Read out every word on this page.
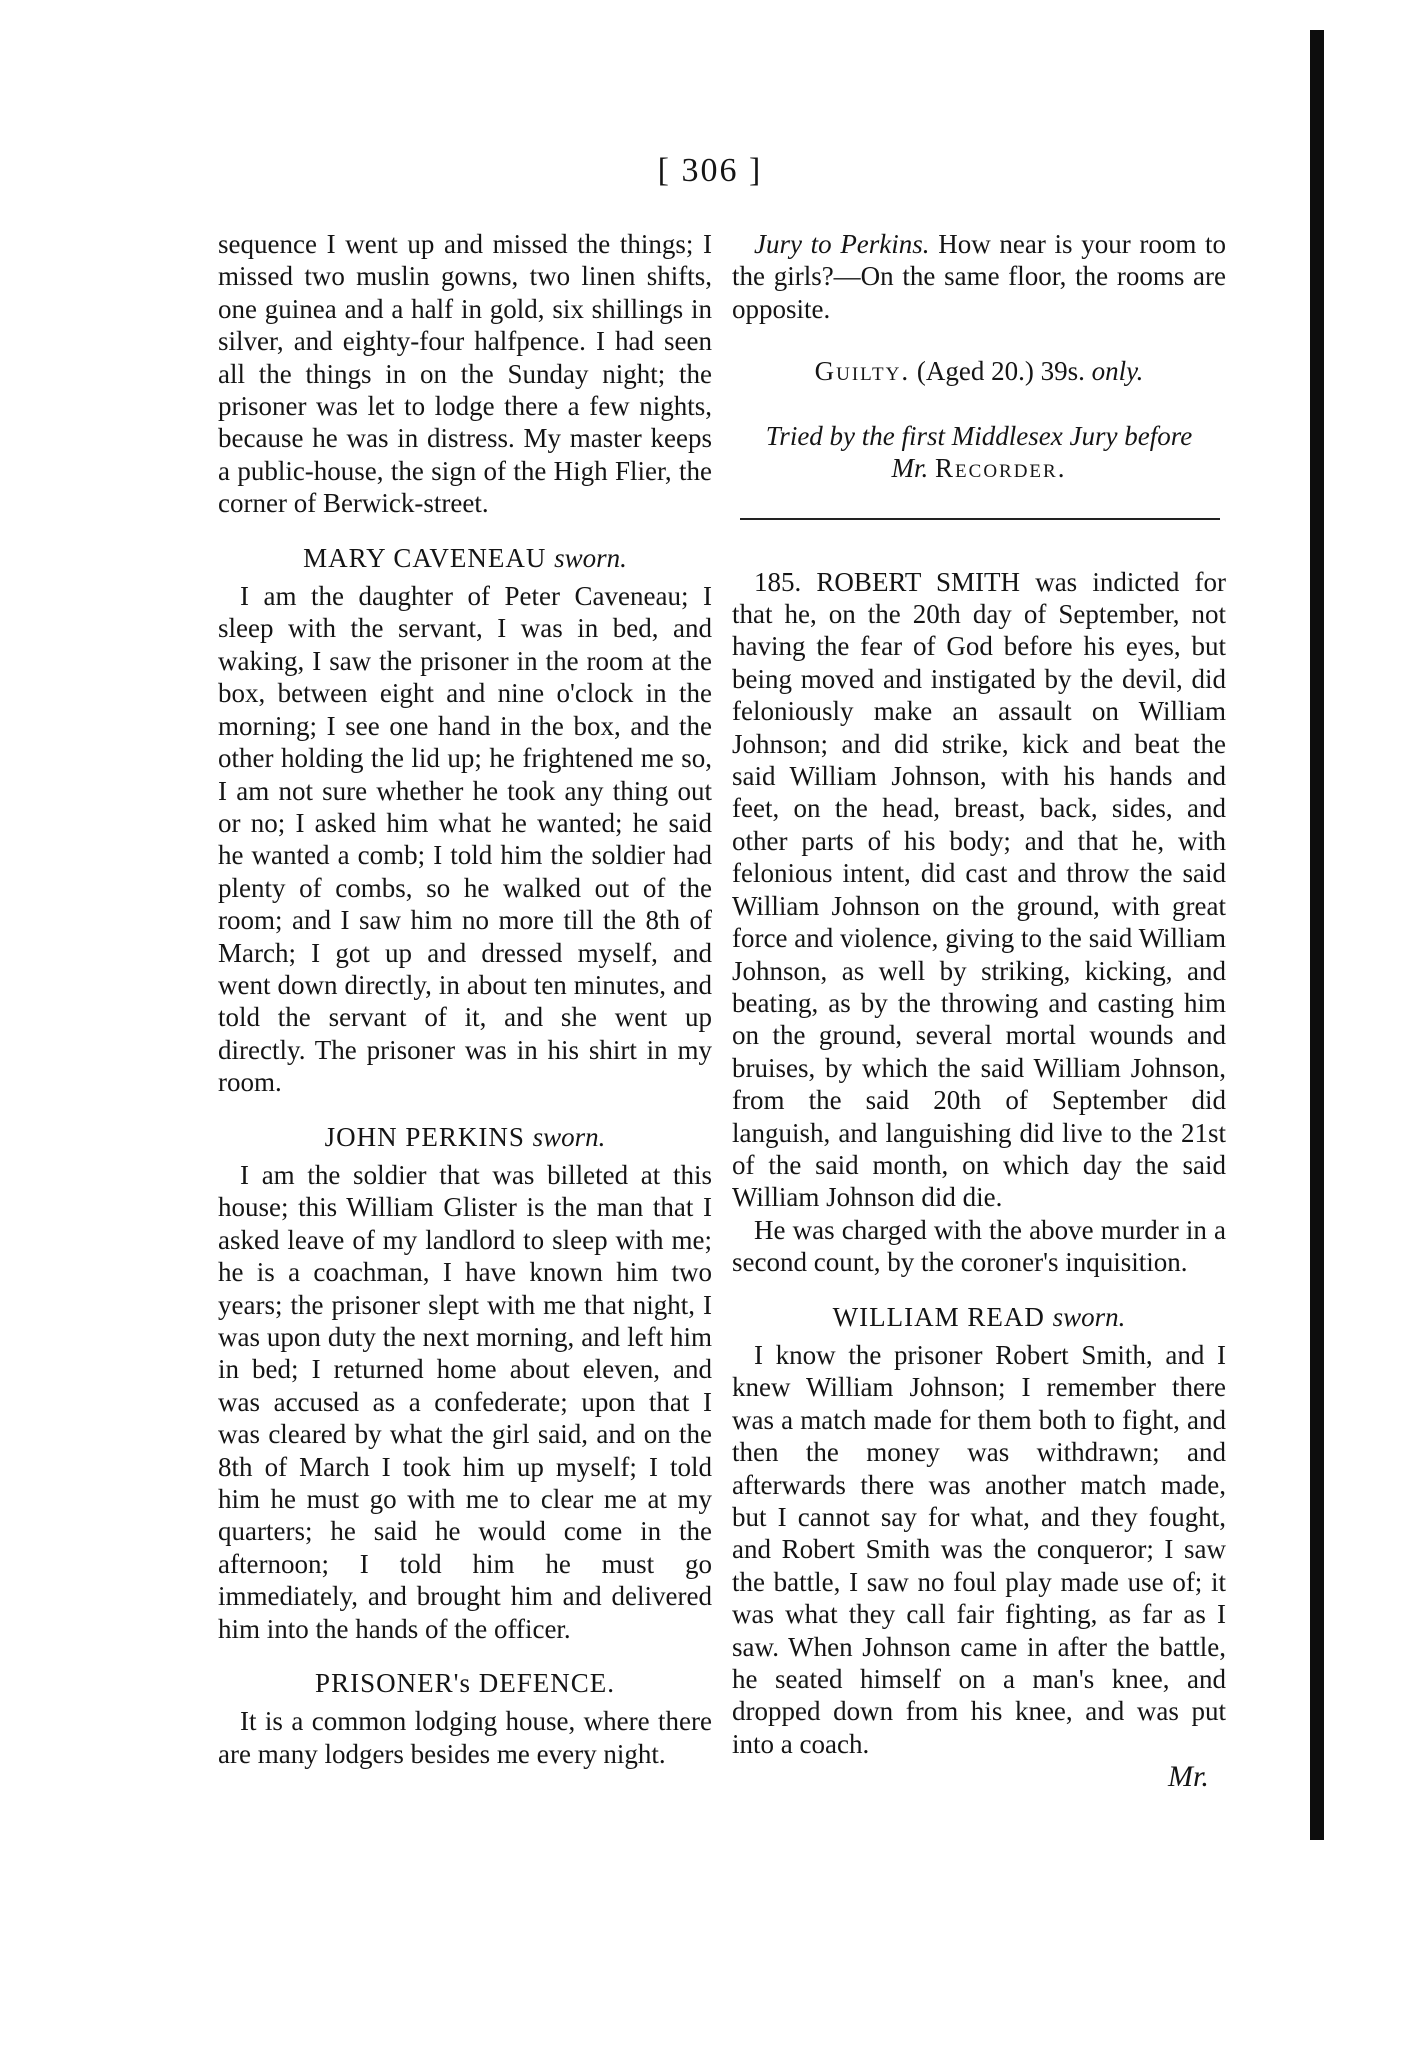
[ 306 ]

sequence I went up and missed the things; I missed two muslin gowns, two linen shifts, one guinea and a half in gold, six shillings in silver, and eighty-four halfpence. I had seen all the things in on the Sunday night; the prisoner was let to lodge there a few nights, because he was in distress. My master keeps a public-house, the sign of the High Flier, the corner of Berwick-street.

MARY CAVENEAU sworn.

I am the daughter of Peter Caveneau; I sleep with the servant, I was in bed, and waking, I saw the prisoner in the room at the box, between eight and nine o'clock in the morning; I see one hand in the box, and the other holding the lid up; he frightened me so, I am not sure whether he took any thing out or no; I asked him what he wanted; he said he wanted a comb; I told him the soldier had plenty of combs, so he walked out of the room; and I saw him no more till the 8th of March; I got up and dressed myself, and went down directly, in about ten minutes, and told the servant of it, and she went up directly. The prisoner was in his shirt in my room.

JOHN PERKINS sworn.

I am the soldier that was billeted at this house; this William Glister is the man that I asked leave of my landlord to sleep with me; he is a coachman, I have known him two years; the prisoner slept with me that night, I was upon duty the next morning, and left him in bed; I returned home about eleven, and was accused as a confederate; upon that I was cleared by what the girl said, and on the 8th of March I took him up myself; I told him he must go with me to clear me at my quarters; he said he would come in the afternoon; I told him he must go immediately, and brought him and delivered him into the hands of the officer.

PRISONER's DEFENCE.

It is a common lodging house, where there are many lodgers besides me every night.

Jury to Perkins. How near is your room to the girls?—On the same floor, the rooms are opposite.

Guilty. (Aged 20.) 39s. only.
Tried by the first Middlesex Jury before
Mr. Recorder.

185. ROBERT SMITH was indicted for that he, on the 20th day of September, not having the fear of God before his eyes, but being moved and instigated by the devil, did feloniously make an assault on William Johnson; and did strike, kick and beat the said William Johnson, with his hands and feet, on the head, breast, back, sides, and other parts of his body; and that he, with felonious intent, did cast and throw the said William Johnson on the ground, with great force and violence, giving to the said William Johnson, as well by striking, kicking, and beating, as by the throwing and casting him on the ground, several mortal wounds and bruises, by which the said William Johnson, from the said 20th of September did languish, and languishing did live to the 21st of the said month, on which day the said William Johnson did die.

He was charged with the above murder in a second count, by the coroner's inquisition.

WILLIAM READ sworn.

I know the prisoner Robert Smith, and I knew William Johnson; I remember there was a match made for them both to fight, and then the money was withdrawn; and afterwards there was another match made, but I cannot say for what, and they fought, and Robert Smith was the conqueror; I saw the battle, I saw no foul play made use of; it was what they call fair fighting, as far as I saw. When Johnson came in after the battle, he seated himself on a man's knee, and dropped down from his knee, and was put into a coach.

Mr.
